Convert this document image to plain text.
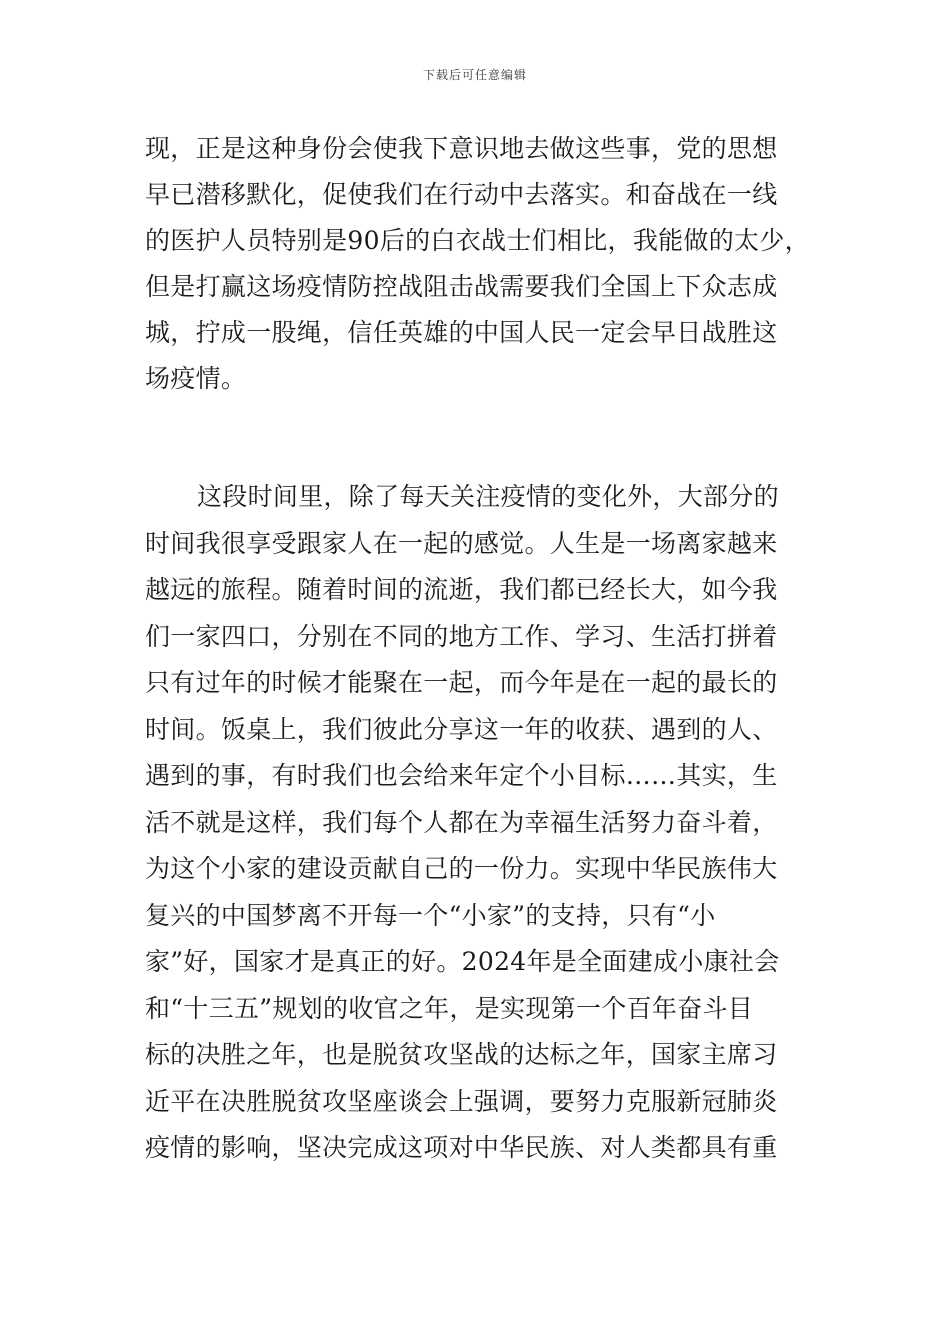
下载后可任意编辑
现，正是这种身份会使我下意识地去做这些事，党的思想
早已潜移默化，促使我们在行动中去落实。和奋战在一线
的医护人员特别是90后的白衣战士们相比，我能做的太少，
但是打赢这场疫情防控战阻击战需要我们全国上下众志成
城，拧成一股绳，信任英雄的中国人民一定会早日战胜这
场疫情。
这段时间里，除了每天关注疫情的变化外，大部分的
时间我很享受跟家人在一起的感觉。人生是一场离家越来
越远的旅程。随着时间的流逝，我们都已经长大，如今我
们一家四口，分别在不同的地方工作、学习、生活打拼着
只有过年的时候才能聚在一起，而今年是在一起的最长的
时间。饭桌上，我们彼此分享这一年的收获、遇到的人、
遇到的事，有时我们也会给来年定个小目标……其实，生
活不就是这样，我们每个人都在为幸福生活努力奋斗着，
为这个小家的建设贡献自己的一份力。实现中华民族伟大
复兴的中国梦离不开每一个“小家”的支持，只有“小
家”好，国家才是真正的好。2024年是全面建成小康社会
和“十三五”规划的收官之年，是实现第一个百年奋斗目
标的决胜之年，也是脱贫攻坚战的达标之年，国家主席习
近平在决胜脱贫攻坚座谈会上强调，要努力克服新冠肺炎
疫情的影响，坚决完成这项对中华民族、对人类都具有重
